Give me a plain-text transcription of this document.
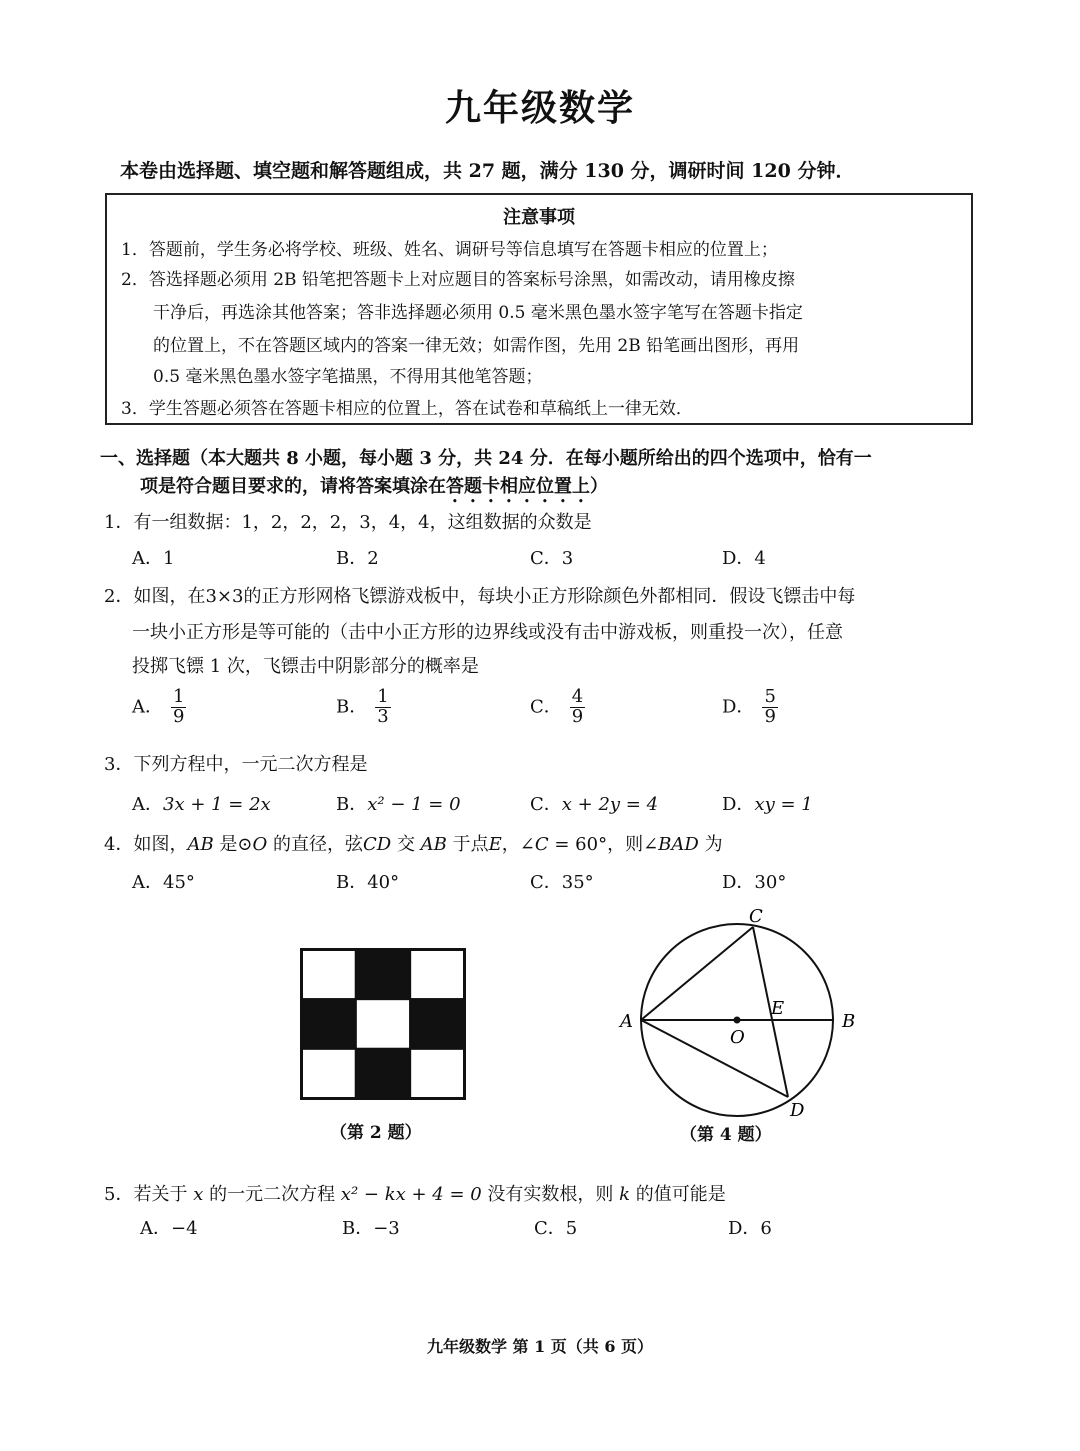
九年级数学
本卷由选择题、填空题和解答题组成，共 27 题，满分 130 分，调研时间 120 分钟．
注意事项
1．答题前，学生务必将学校、班级、姓名、调研号等信息填写在答题卡相应的位置上；
2．答选择题必须用 2B 铅笔把答题卡上对应题目的答案标号涂黑，如需改动，请用橡皮擦
干净后，再选涂其他答案；答非选择题必须用 0.5 毫米黑色墨水签字笔写在答题卡指定
的位置上，不在答题区域内的答案一律无效；如需作图，先用 2B 铅笔画出图形，再用
0.5 毫米黑色墨水签字笔描黑，不得用其他笔答题；
3．学生答题必须答在答题卡相应的位置上，答在试卷和草稿纸上一律无效．
一、选择题（本大题共 8 小题，每小题 3 分，共 24 分．在每小题所给出的四个选项中，恰有一
项是符合题目要求的，请将答案填涂在答题卡相应位置上）
1．有一组数据：1，2，2，2，3，4，4，这组数据的众数是
A．1	B．2	C．3	D．4
2．如图，在3×3的正方形网格飞镖游戏板中，每块小正方形除颜色外都相同．假设飞镖击中每
一块小正方形是等可能的（击中小正方形的边界线或没有击中游戏板，则重投一次），任意
投掷飞镖 1 次，飞镖击中阴影部分的概率是
A． $\frac{1}{9}$	B． $\frac{1}{3}$	C． $\frac{4}{9}$	D． $\frac{5}{9}$
3．下列方程中，一元二次方程是
A．3x + 1 = 2x	B．x² − 1 = 0	C．x + 2y = 4	D．xy = 1
4．如图，AB 是⊙O 的直径，弦CD 交 AB 于点E，∠C = 60°，则∠BAD 为
A．45°	B．40°	C．35°	D．30°
（第 2 题）
A	B
C
D
E
O
（第 4 题）
5．若关于 x 的一元二次方程 x² − kx + 4 = 0 没有实数根，则 k 的值可能是
A．−4	B．−3	C．5	D．6
九年级数学 第 1 页（共 6 页）
